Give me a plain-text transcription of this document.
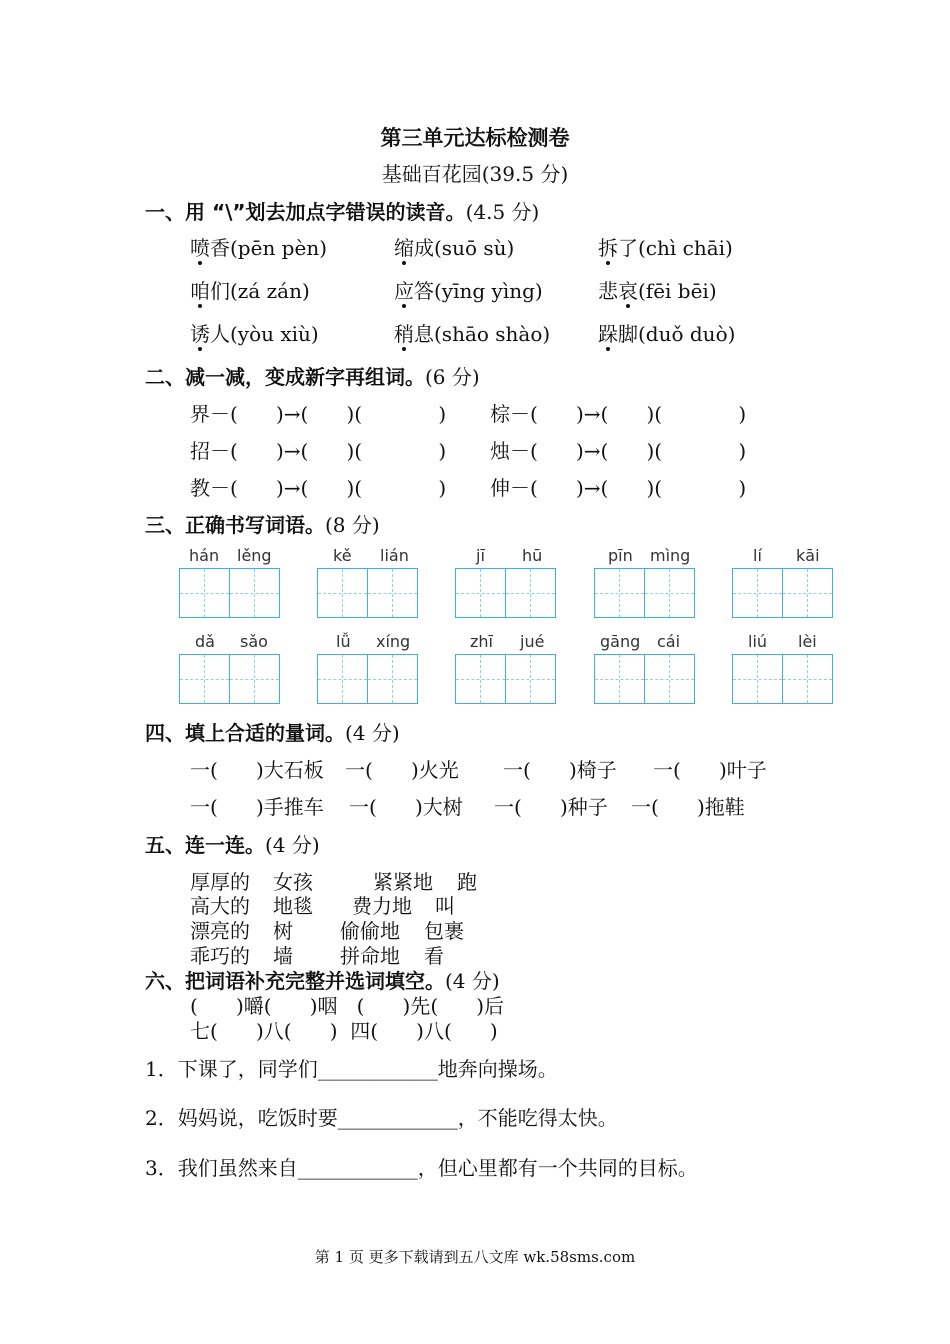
第三单元达标检测卷
基础百花园(39.5 分)
一、用 “\”划去加点字错误的读音。(4.5 分)
喷香(pēn pèn)	缩成(suō sù)	拆了(chì chāi)
咱们(zá zán)	应答(yīng yìng)	悲哀(fēi bēi)
诱人(yòu xiù)	稍息(shāo shào) 跺脚(duǒ duò)
二、减一减，变成新字再组词。(6 分)
界－(      )→(      )(            ) 棕－(      )→(      )(            )
招－(      )→(      )(            ) 烛－(      )→(      )(            )
教－(      )→(      )(            ) 伸－(      )→(      )(            )
三、正确书写词语。(8 分)
hán lěng	kě lián	jī hū	pīn mìng	lí kāi
dǎ sǎo	lǚ xíng	zhī jué	gāng cái	liú lèi
四、填上合适的量词。(4 分)
一(      )大石板 一(      )火光 一(      )椅子 一(      )叶子
一(      )手推车 一(      )大树 一(      )种子 一(      )拖鞋
五、连一连。(4 分)
厚厚的 女孩	紧紧地 跑
高大的 地毯 费力地 叫
漂亮的 树 偷偷地 包裹
乖巧的 墙 拼命地 看
六、把词语补充完整并选词填空。(4 分)
(      )嚼(      )咽   (      )先(      )后
七(      )八(      )  四(      )八(      )
1．下课了，同学们____________地奔向操场。
2．妈妈说，吃饭时要____________，不能吃得太快。
3．我们虽然来自____________，但心里都有一个共同的目标。
第 1 页 更多下载请到五八文库 wk.58sms.com
